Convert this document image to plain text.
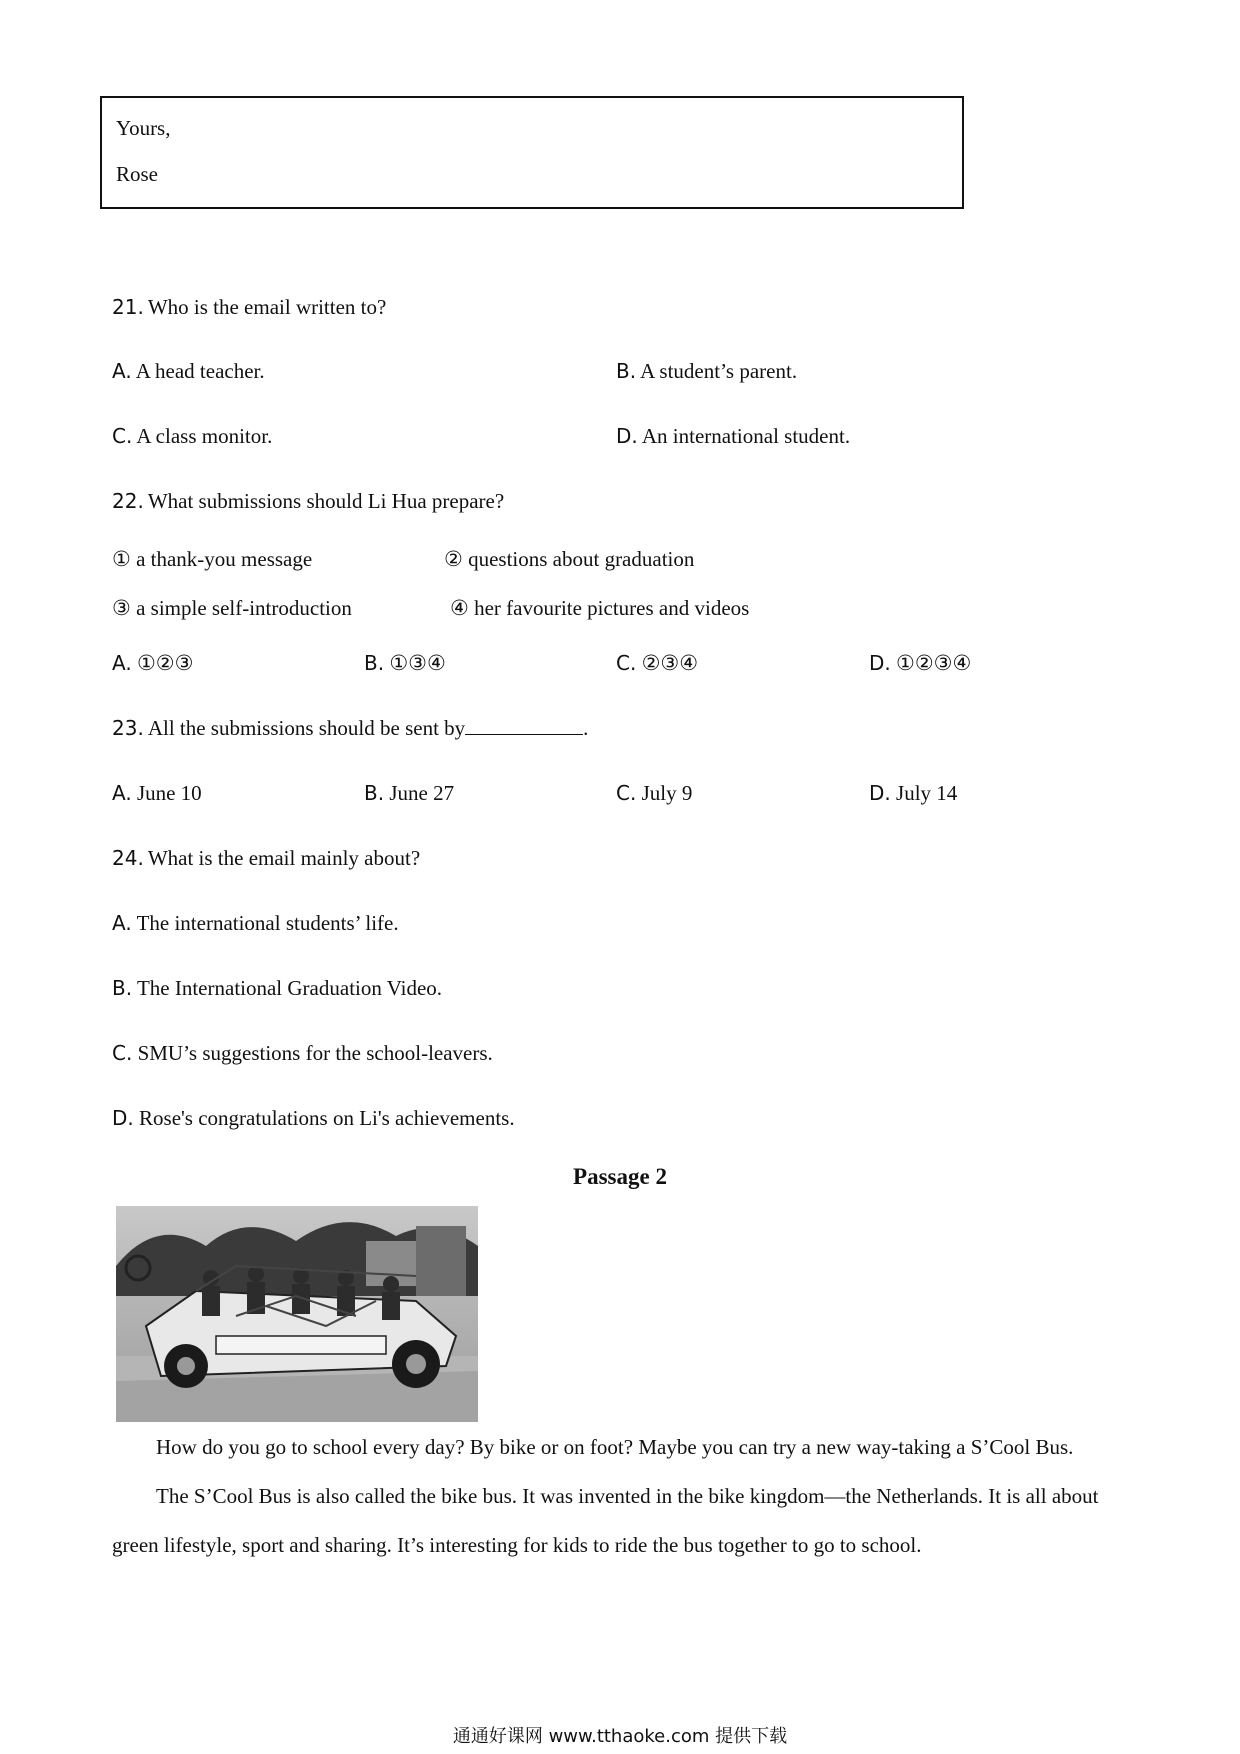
Yours,
Rose
21. Who is the email written to?
A. A head teacher.	B. A student’s parent.
C. A class monitor.	D. An international student.
22. What submissions should Li Hua prepare?
① a thank-you message	② questions about graduation
③ a simple self-introduction	④ her favourite pictures and videos
A. ①②③	B. ①③④	C. ②③④	D. ①②③④
23. All the submissions should be sent by	.
A. June 10	B. June 27	C. July 9	D. July 14
24. What is the email mainly about?
A. The international students’ life.
B. The International Graduation Video.
C. SMU’s suggestions for the school-leavers.
D. Rose's congratulations on Li's achievements.
Passage 2
How do you go to school every day? By bike or on foot? Maybe you can try a new way-taking a S’Cool Bus.
The S’Cool Bus is also called the bike bus. It was invented in the bike kingdom—the Netherlands. It is all about green lifestyle, sport and sharing. It’s interesting for kids to ride the bus together to go to school.
通通好课网 www.tthaoke.com 提供下载
